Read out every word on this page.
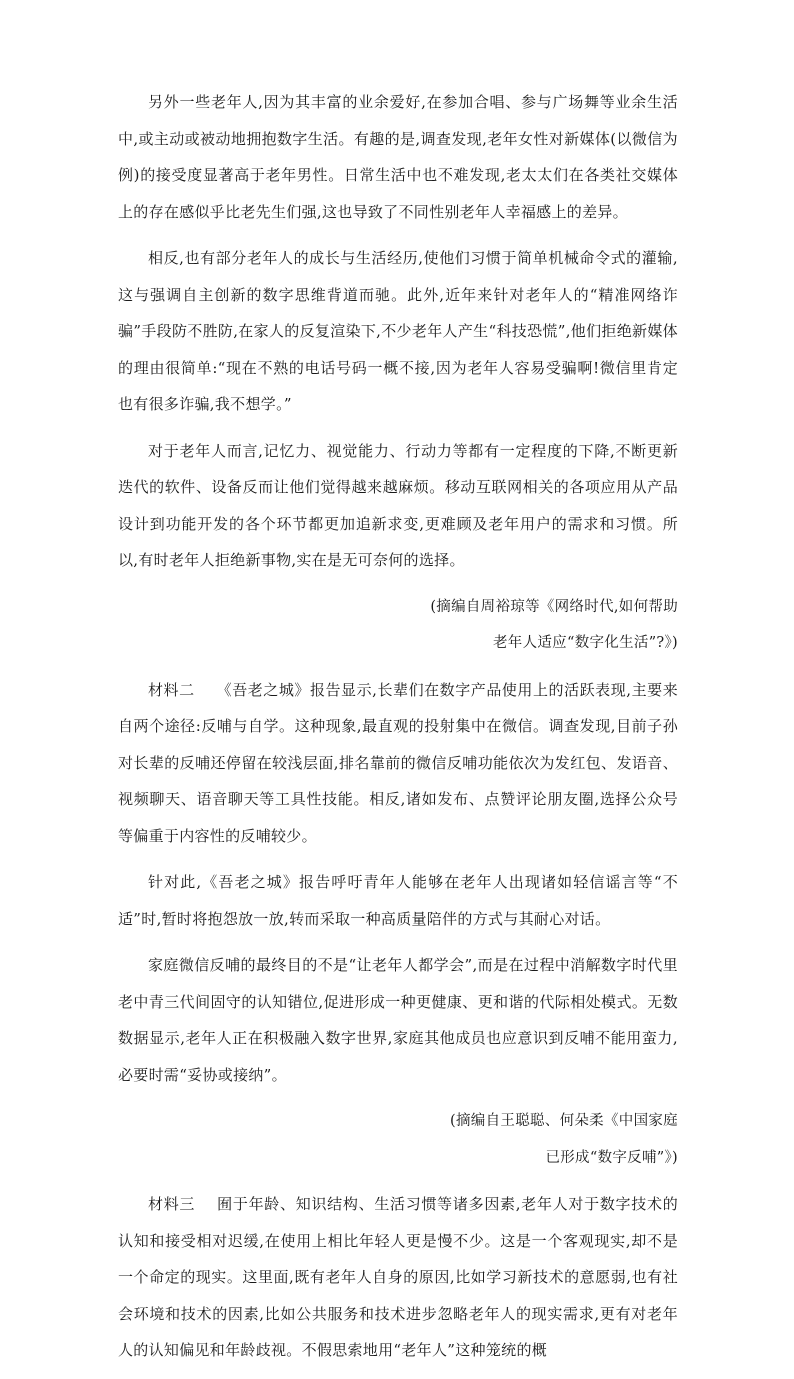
另外一些老年人,因为其丰富的业余爱好,在参加合唱、参与广场舞等业余生活中,或主动或被动地拥抱数字生活。有趣的是,调查发现,老年女性对新媒体(以微信为例)的接受度显著高于老年男性。日常生活中也不难发现,老太太们在各类社交媒体上的存在感似乎比老先生们强,这也导致了不同性别老年人幸福感上的差异。

相反,也有部分老年人的成长与生活经历,使他们习惯于简单机械命令式的灌输,这与强调自主创新的数字思维背道而驰。此外,近年来针对老年人的“精准网络诈骗”手段防不胜防,在家人的反复渲染下,不少老年人产生“科技恐慌”,他们拒绝新媒体的理由很简单:“现在不熟的电话号码一概不接,因为老年人容易受骗啊!微信里肯定也有很多诈骗,我不想学。”

对于老年人而言,记忆力、视觉能力、行动力等都有一定程度的下降,不断更新迭代的软件、设备反而让他们觉得越来越麻烦。移动互联网相关的各项应用从产品设计到功能开发的各个环节都更加追新求变,更难顾及老年用户的需求和习惯。所以,有时老年人拒绝新事物,实在是无可奈何的选择。

(摘编自周裕琼等《网络时代,如何帮助

老年人适应“数字化生活”?》)

材料二 《吾老之城》报告显示,长辈们在数字产品使用上的活跃表现,主要来自两个途径:反哺与自学。这种现象,最直观的投射集中在微信。调查发现,目前子孙对长辈的反哺还停留在较浅层面,排名靠前的微信反哺功能依次为发红包、发语音、视频聊天、语音聊天等工具性技能。相反,诸如发布、点赞评论朋友圈,选择公众号等偏重于内容性的反哺较少。

针对此,《吾老之城》报告呼吁青年人能够在老年人出现诸如轻信谣言等“不适”时,暂时将抱怨放一放,转而采取一种高质量陪伴的方式与其耐心对话。

家庭微信反哺的最终目的不是“让老年人都学会”,而是在过程中消解数字时代里老中青三代间固守的认知错位,促进形成一种更健康、更和谐的代际相处模式。无数数据显示,老年人正在积极融入数字世界,家庭其他成员也应意识到反哺不能用蛮力,必要时需“妥协或接纳”。

(摘编自王聪聪、何朵柔《中国家庭

已形成“数字反哺”》)

材料三 囿于年龄、知识结构、生活习惯等诸多因素,老年人对于数字技术的认知和接受相对迟缓,在使用上相比年轻人更是慢不少。这是一个客观现实,却不是一个命定的现实。这里面,既有老年人自身的原因,比如学习新技术的意愿弱,也有社会环境和技术的因素,比如公共服务和技术进步忽略老年人的现实需求,更有对老年人的认知偏见和年龄歧视。不假思索地用“老年人”这种笼统的概
